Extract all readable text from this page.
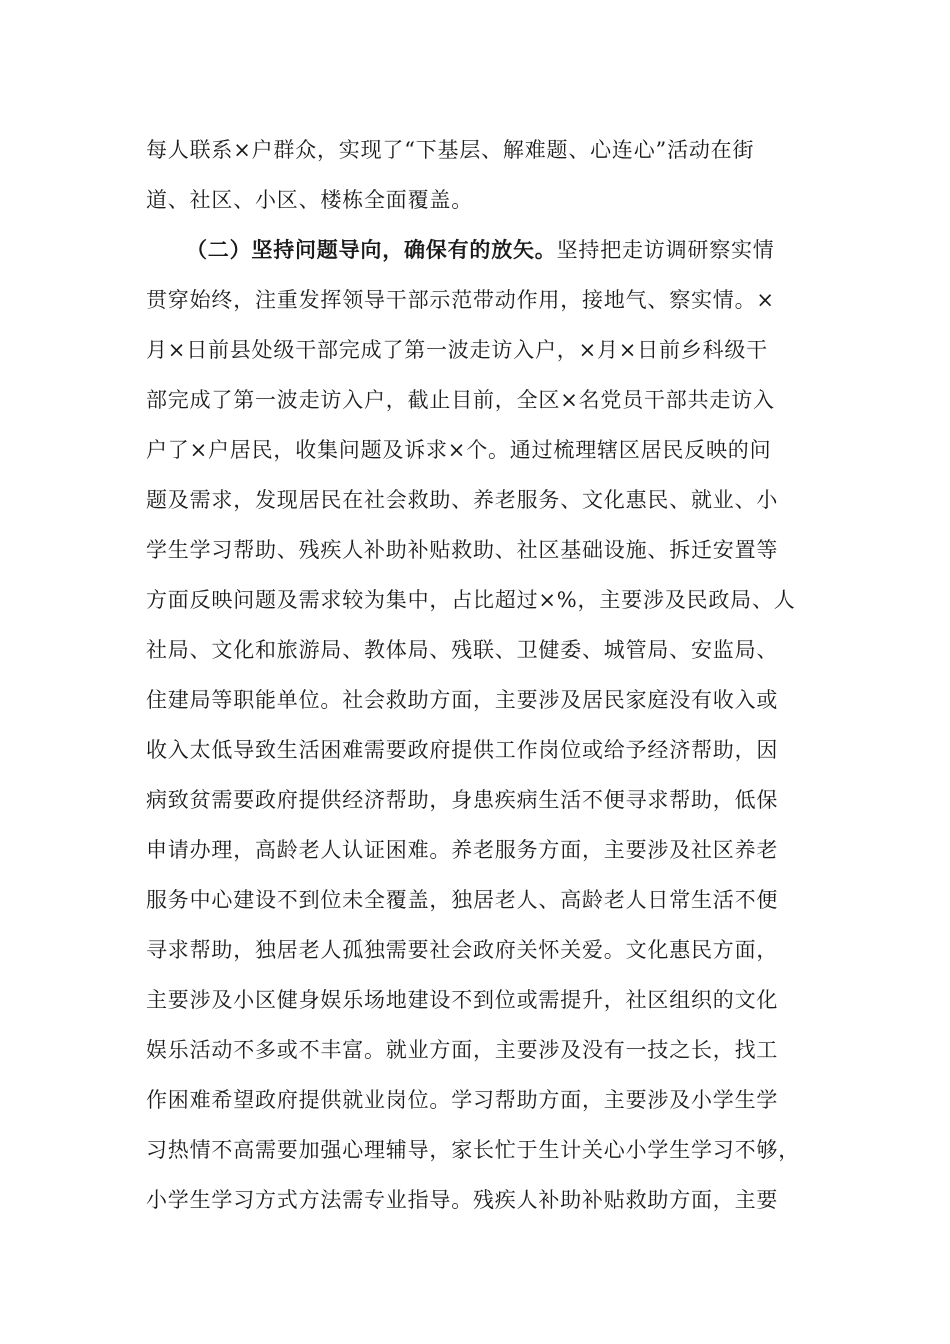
每人联系×户群众，实现了“下基层、解难题、心连心”活动在街
道、社区、小区、楼栋全面覆盖。
（二）坚持问题导向，确保有的放矢。坚持把走访调研察实情
贯穿始终，注重发挥领导干部示范带动作用，接地气、察实情。×
月×日前县处级干部完成了第一波走访入户，×月×日前乡科级干
部完成了第一波走访入户，截止目前，全区×名党员干部共走访入
户了×户居民，收集问题及诉求×个。通过梳理辖区居民反映的问
题及需求，发现居民在社会救助、养老服务、文化惠民、就业、小
学生学习帮助、残疾人补助补贴救助、社区基础设施、拆迁安置等
方面反映问题及需求较为集中，占比超过×%，主要涉及民政局、人
社局、文化和旅游局、教体局、残联、卫健委、城管局、安监局、
住建局等职能单位。社会救助方面，主要涉及居民家庭没有收入或
收入太低导致生活困难需要政府提供工作岗位或给予经济帮助，因
病致贫需要政府提供经济帮助，身患疾病生活不便寻求帮助，低保
申请办理，高龄老人认证困难。养老服务方面，主要涉及社区养老
服务中心建设不到位未全覆盖，独居老人、高龄老人日常生活不便
寻求帮助，独居老人孤独需要社会政府关怀关爱。文化惠民方面，
主要涉及小区健身娱乐场地建设不到位或需提升，社区组织的文化
娱乐活动不多或不丰富。就业方面，主要涉及没有一技之长，找工
作困难希望政府提供就业岗位。学习帮助方面，主要涉及小学生学
习热情不高需要加强心理辅导，家长忙于生计关心小学生学习不够，
小学生学习方式方法需专业指导。残疾人补助补贴救助方面，主要
